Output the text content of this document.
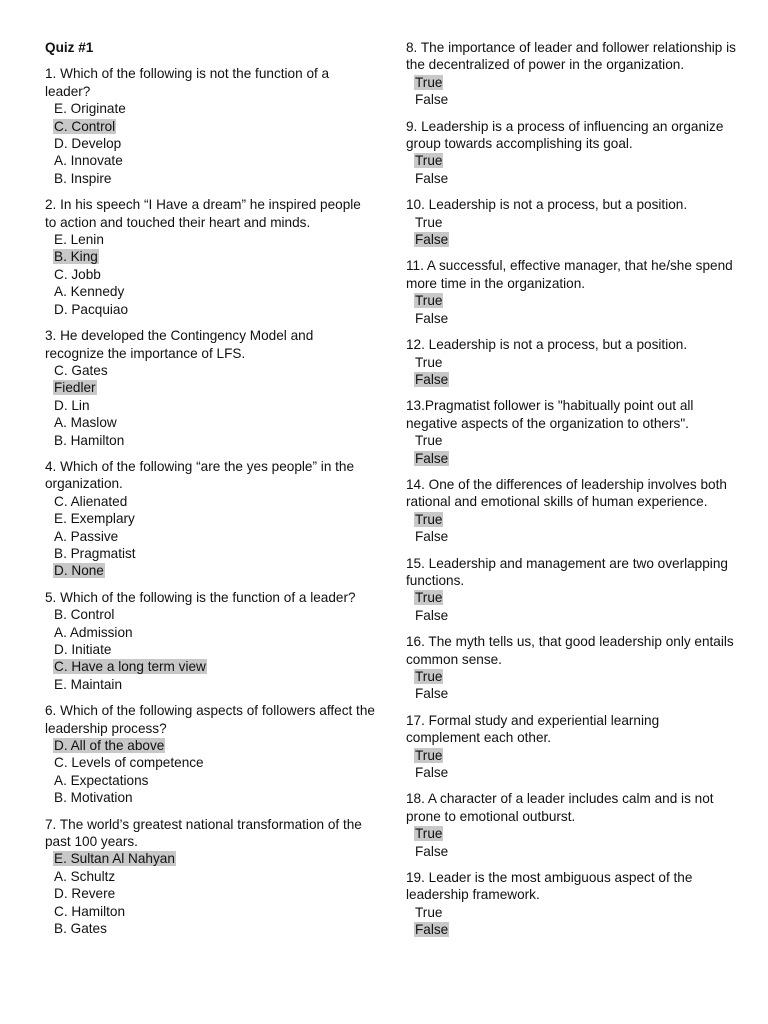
Quiz #1
1. Which of the following is not the function of a leader?
E. Originate
C. Control
D. Develop
A. Innovate
B. Inspire
2. In his speech “I Have a dream” he inspired people to action and touched their heart and minds.
E. Lenin
B. King
C. Jobb
A. Kennedy
D. Pacquiao
3. He developed the Contingency Model and recognize the importance of LFS.
C. Gates
Fiedler
D. Lin
A. Maslow
B. Hamilton
4. Which of the following “are the yes people” in the organization.
C. Alienated
E. Exemplary
A. Passive
B. Pragmatist
D. None
5. Which of the following is the function of a leader?
B. Control
A. Admission
D. Initiate
C. Have a long term view
E. Maintain
6. Which of the following aspects of followers affect the leadership process?
D. All of the above
C. Levels of competence
A. Expectations
B. Motivation
7. The world’s greatest national transformation of the past 100 years.
E. Sultan Al Nahyan
A. Schultz
D. Revere
C. Hamilton
B. Gates
8. The importance of leader and follower relationship is the decentralized of power in the organization.
True
False
9. Leadership is a process of influencing an organize group towards accomplishing its goal.
True
False
10. Leadership is not a process, but a position.
True
False
11. A successful, effective manager, that he/she spend more time in the organization.
True
False
12. Leadership is not a process, but a position.
True
False
13.Pragmatist follower is "habitually point out all negative aspects of the organization to others".
True
False
14. One of the differences of leadership involves both rational and emotional skills of human experience.
True
False
15. Leadership and management are two overlapping functions.
True
False
16. The myth tells us, that good leadership only entails common sense.
True
False
17. Formal study and experiential learning complement each other.
True
False
18. A character of a leader includes calm and is not prone to emotional outburst.
True
False
19. Leader is the most ambiguous aspect of the leadership framework.
True
False
